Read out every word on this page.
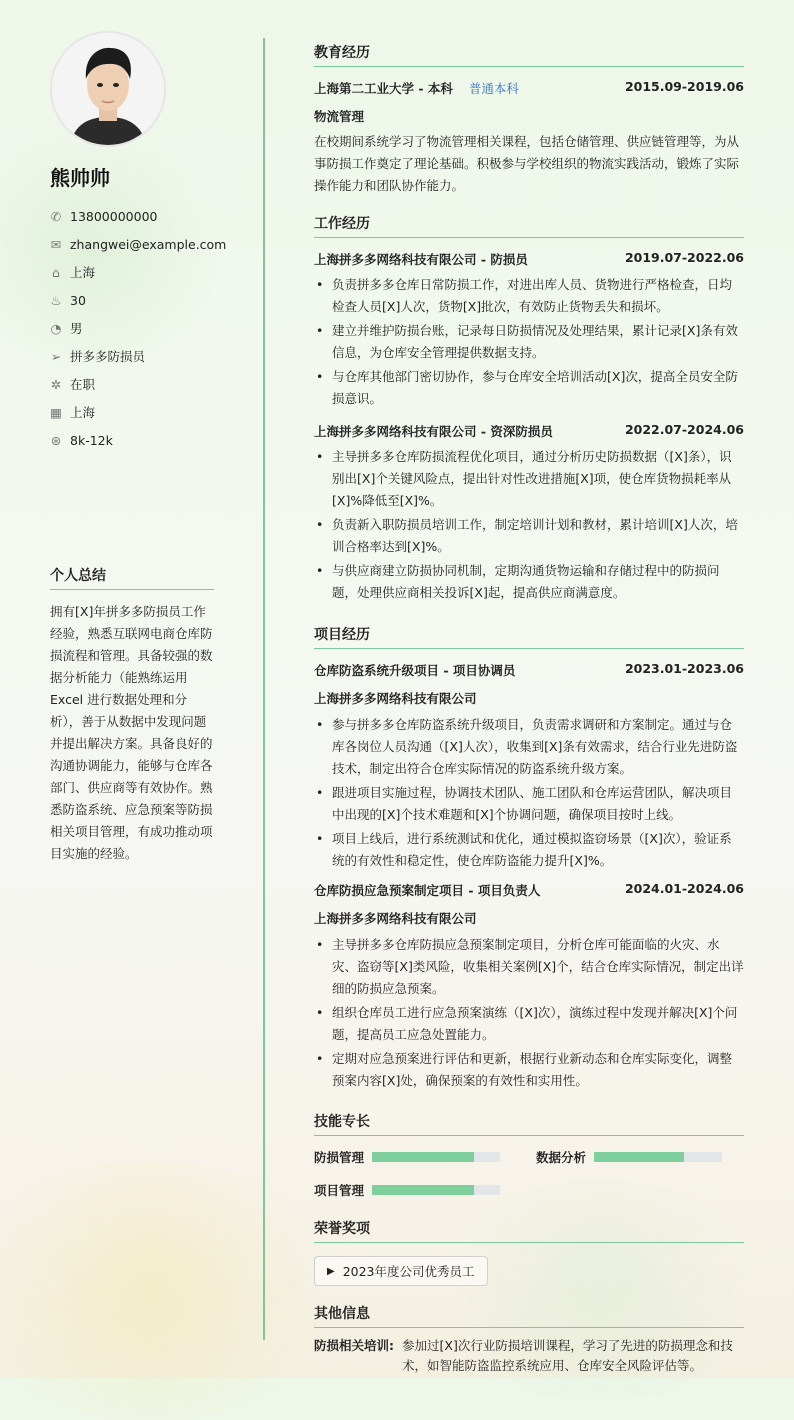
熊帅帅
✆ 13800000000
✉ zhangwei@example.com
⌂ 上海
♨ 30
◔ 男
➢ 拼多多防损员
✲ 在职
▦ 上海
⊛ 8k-12k
个人总结

拥有[X]年拼多多防损员工作经验，熟悉互联网电商仓库防损流程和管理。具备较强的数据分析能力（能熟练运用 Excel 进行数据处理和分析），善于从数据中发现问题并提出解决方案。具备良好的沟通协调能力，能够与仓库各部门、供应商等有效协作。熟悉防盗系统、应急预案等防损相关项目管理，有成功推动项目实施的经验。

教育经历
上海第二工业大学 - 本科 普通本科	2015.09-2019.06
物流管理

在校期间系统学习了物流管理相关课程，包括仓储管理、供应链管理等，为从事防损工作奠定了理论基础。积极参与学校组织的物流实践活动，锻炼了实际操作能力和团队协作能力。

工作经历
上海拼多多网络科技有限公司 - 防损员	2019.07-2022.06
• 负责拼多多仓库日常防损工作，对进出库人员、货物进行严格检查，日均检查人员[X]人次，货物[X]批次，有效防止货物丢失和损坏。
• 建立并维护防损台账，记录每日防损情况及处理结果，累计记录[X]条有效信息，为仓库安全管理提供数据支持。
• 与仓库其他部门密切协作，参与仓库安全培训活动[X]次，提高全员安全防损意识。
上海拼多多网络科技有限公司 - 资深防损员	2022.07-2024.06
• 主导拼多多仓库防损流程优化项目，通过分析历史防损数据（[X]条），识别出[X]个关键风险点，提出针对性改进措施[X]项，使仓库货物损耗率从[X]%降低至[X]%。
• 负责新入职防损员培训工作，制定培训计划和教材，累计培训[X]人次，培训合格率达到[X]%。
• 与供应商建立防损协同机制，定期沟通货物运输和存储过程中的防损问题，处理供应商相关投诉[X]起，提高供应商满意度。
项目经历
仓库防盗系统升级项目 - 项目协调员	2023.01-2023.06
上海拼多多网络科技有限公司
• 参与拼多多仓库防盗系统升级项目，负责需求调研和方案制定。通过与仓库各岗位人员沟通（[X]人次），收集到[X]条有效需求，结合行业先进防盗技术，制定出符合仓库实际情况的防盗系统升级方案。
• 跟进项目实施过程，协调技术团队、施工团队和仓库运营团队，解决项目中出现的[X]个技术难题和[X]个协调问题，确保项目按时上线。
• 项目上线后，进行系统测试和优化，通过模拟盗窃场景（[X]次），验证系统的有效性和稳定性，使仓库防盗能力提升[X]%。
仓库防损应急预案制定项目 - 项目负责人	2024.01-2024.06
上海拼多多网络科技有限公司
• 主导拼多多仓库防损应急预案制定项目，分析仓库可能面临的火灾、水灾、盗窃等[X]类风险，收集相关案例[X]个，结合仓库实际情况，制定出详细的防损应急预案。
• 组织仓库员工进行应急预案演练（[X]次），演练过程中发现并解决[X]个问题，提高员工应急处置能力。
• 定期对应急预案进行评估和更新，根据行业新动态和仓库实际变化，调整预案内容[X]处，确保预案的有效性和实用性。
技能专长
防损管理	数据分析
项目管理
荣誉奖项
▶ 2023年度公司优秀员工
其他信息
防损相关培训: 参加过[X]次行业防损培训课程，学习了先进的防损理念和技术，如智能防盗监控系统应用、仓库安全风险评估等。
